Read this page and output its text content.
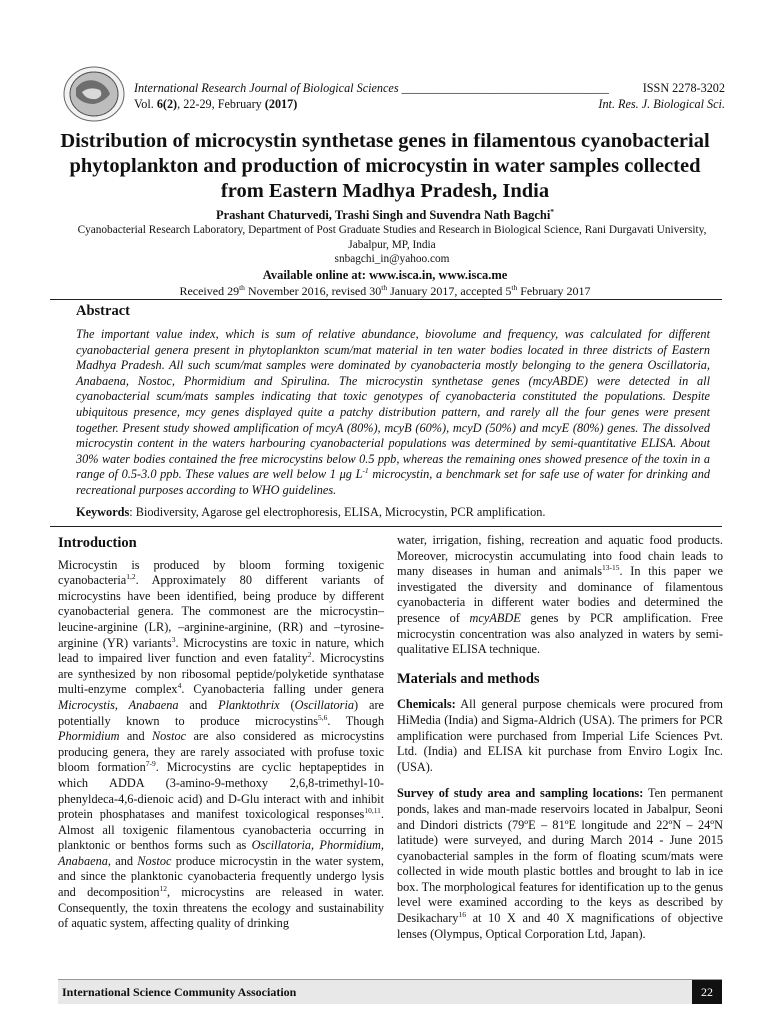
International Research Journal of Biological Sciences __________________________________
Vol. 6(2), 22-29, February (2017)
ISSN 2278-3202
Int. Res. J. Biological Sci.
Distribution of microcystin synthetase genes in filamentous cyanobacterial phytoplankton and production of microcystin in water samples collected from Eastern Madhya Pradesh, India
Prashant Chaturvedi, Trashi Singh and Suvendra Nath Bagchi*
Cyanobacterial Research Laboratory, Department of Post Graduate Studies and Research in Biological Science, Rani Durgavati University,
Jabalpur, MP, India
snbagchi_in@yahoo.com
Available online at: www.isca.in, www.isca.me
Received 29th November 2016, revised 30th January 2017, accepted 5th February 2017
Abstract

The important value index, which is sum of relative abundance, biovolume and frequency, was calculated for different cyanobacterial genera present in phytoplankton scum/mat material in ten water bodies located in three districts of Eastern Madhya Pradesh. All such scum/mat samples were dominated by cyanobacteria mostly belonging to the genera Oscillatoria, Anabaena, Nostoc, Phormidium and Spirulina. The microcystin synthetase genes (mcyABDE) were detected in all cyanobacterial scum/mats samples indicating that toxic genotypes of cyanobacteria constituted the populations. Despite ubiquitous presence, mcy genes displayed quite a patchy distribution pattern, and rarely all the four genes were present together. Present study showed amplification of mcyA (80%), mcyB (60%), mcyD (50%) and mcyE (80%) genes. The dissolved microcystin content in the waters harbouring cyanobacterial populations was determined by semi-quantitative ELISA. About 30% water bodies contained the free microcystins below 0.5 ppb, whereas the remaining ones showed presence of the toxin in a range of 0.5-3.0 ppb. These values are well below 1 μg $L^{-1}$ microcystin, a benchmark set for safe use of water for drinking and recreational purposes according to WHO guidelines.

Keywords: Biodiversity, Agarose gel electrophoresis, ELISA, Microcystin, PCR amplification.
Introduction

Microcystin is produced by bloom forming toxigenic cyanobacteria$^{1,2}$. Approximately 80 different variants of microcystins have been identified, being produce by different cyanobacterial genera. The commonest are the microcystin–leucine-arginine (LR), –arginine-arginine, (RR) and –tyrosine-arginine (YR) variants$^3$. Microcystins are toxic in nature, which lead to impaired liver function and even fatality$^2$. Microcystins are synthesized by non ribosomal peptide/polyketide synthatase multi-enzyme complex$^4$. Cyanobacteria falling under genera Microcystis, Anabaena and Planktothrix (Oscillatoria) are potentially known to produce microcystins$^{5,6}$. Though Phormidium and Nostoc are also considered as microcystins producing genera, they are rarely associated with profuse toxic bloom formation$^{7-9}$. Microcystins are cyclic heptapeptides in which ADDA (3-amino-9-methoxy 2,6,8-trimethyl-10-phenyldeca-4,6-dienoic acid) and D-Glu interact with and inhibit protein phosphatases and manifest toxicological responses$^{10,11}$. Almost all toxigenic filamentous cyanobacteria occurring in planktonic or benthos forms such as Oscillatoria, Phormidium, Anabaena, and Nostoc produce microcystin in the water system, and since the planktonic cyanobacteria frequently undergo lysis and decomposition$^{12}$, microcystins are released in water. Consequently, the toxin threatens the ecology and sustainability of aquatic system, affecting quality of drinking

water, irrigation, fishing, recreation and aquatic food products. Moreover, microcystin accumulating into food chain leads to many diseases in human and animals$^{13-15}$. In this paper we investigated the diversity and dominance of filamentous cyanobacteria in different water bodies and determined the presence of mcyABDE genes by PCR amplification. Free microcystin concentration was also analyzed in waters by semi-qualitative ELISA technique.

Materials and methods

Chemicals: All general purpose chemicals were procured from HiMedia (India) and Sigma-Aldrich (USA). The primers for PCR amplification were purchased from Imperial Life Sciences Pvt. Ltd. (India) and ELISA kit purchase from Enviro Logix Inc. (USA).

Survey of study area and sampling locations: Ten permanent ponds, lakes and man-made reservoirs located in Jabalpur, Seoni and Dindori districts (79ºE – 81ºE longitude and 22ºN – 24ºN latitude) were surveyed, and during March 2014 - June 2015 cyanobacterial samples in the form of floating scum/mats were collected in wide mouth plastic bottles and brought to lab in ice box. The morphological features for identification up to the genus level were examined according to the keys as described by Desikachary$^{16}$ at 10 X and 40 X magnifications of objective lenses (Olympus, Optical Corporation Ltd, Japan).

International Science Community Association	22
